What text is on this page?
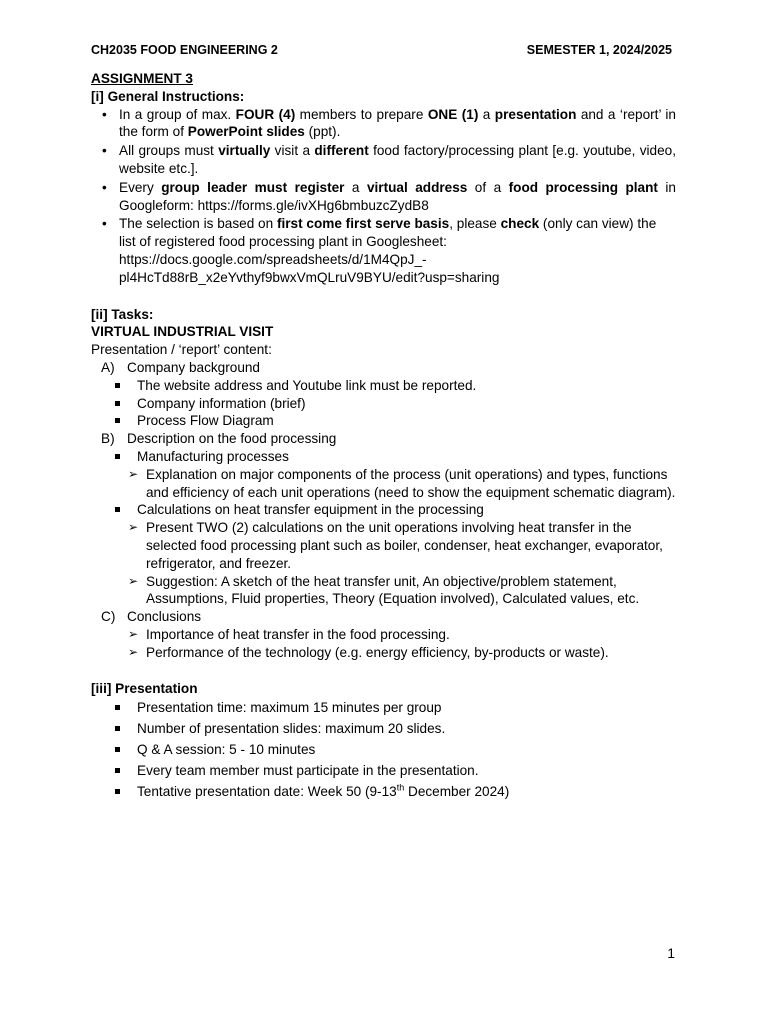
CH2035 FOOD ENGINEERING 2	SEMESTER 1, 2024/2025
ASSIGNMENT 3
[i] General Instructions:
• In a group of max. FOUR (4) members to prepare ONE (1) a presentation and a ‘report’ in the form of PowerPoint slides (ppt).
• All groups must virtually visit a different food factory/processing plant [e.g. youtube, video, website etc.].
• Every group leader must register a virtual address of a food processing plant in Googleform: https://forms.gle/ivXHg6bmbuzcZydB8
• The selection is based on first come first serve basis, please check (only can view) the list of registered food processing plant in Googlesheet: https://docs.google.com/spreadsheets/d/1M4QpJ_-pl4HcTd88rB_x2eYvthyf9bwxVmQLruV9BYU/edit?usp=sharing
[ii] Tasks:
VIRTUAL INDUSTRIAL VISIT
Presentation / ‘report’ content:
A) Company background
The website address and Youtube link must be reported.
Company information (brief)
Process Flow Diagram
B) Description on the food processing
Manufacturing processes
➢ Explanation on major components of the process (unit operations) and types, functions and efficiency of each unit operations (need to show the equipment schematic diagram).
Calculations on heat transfer equipment in the processing
➢ Present TWO (2) calculations on the unit operations involving heat transfer in the selected food processing plant such as boiler, condenser, heat exchanger, evaporator, refrigerator, and freezer.
➢ Suggestion: A sketch of the heat transfer unit, An objective/problem statement, Assumptions, Fluid properties, Theory (Equation involved), Calculated values, etc.
C) Conclusions
➢ Importance of heat transfer in the food processing.
➢ Performance of the technology (e.g. energy efficiency, by-products or waste).
[iii] Presentation
Presentation time: maximum 15 minutes per group
Number of presentation slides: maximum 20 slides.
Q & A session: 5 - 10 minutes
Every team member must participate in the presentation.
Tentative presentation date: Week 50 (9-13th December 2024)
1
